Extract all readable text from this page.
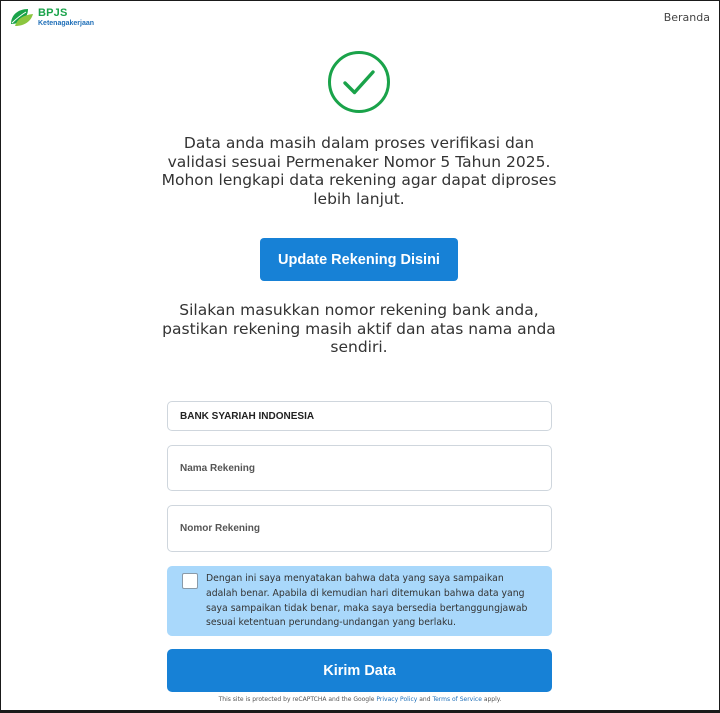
BPJS
Ketenagakerjaan	Beranda

Data anda masih dalam proses verifikasi dan validasi sesuai Permenaker Nomor 5 Tahun 2025. Mohon lengkapi data rekening agar dapat diproses lebih lanjut.

Update Rekening Disini

Silakan masukkan nomor rekening bank anda, pastikan rekening masih aktif dan atas nama anda sendiri.

BANK SYARIAH INDONESIA
Nama Rekening
Nomor Rekening

Dengan ini saya menyatakan bahwa data yang saya sampaikan adalah benar. Apabila di kemudian hari ditemukan bahwa data yang saya sampaikan tidak benar, maka saya bersedia bertanggungjawab sesuai ketentuan perundang-undangan yang berlaku.

Kirim Data
This site is protected by reCAPTCHA and the Google Privacy Policy and Terms of Service apply.
